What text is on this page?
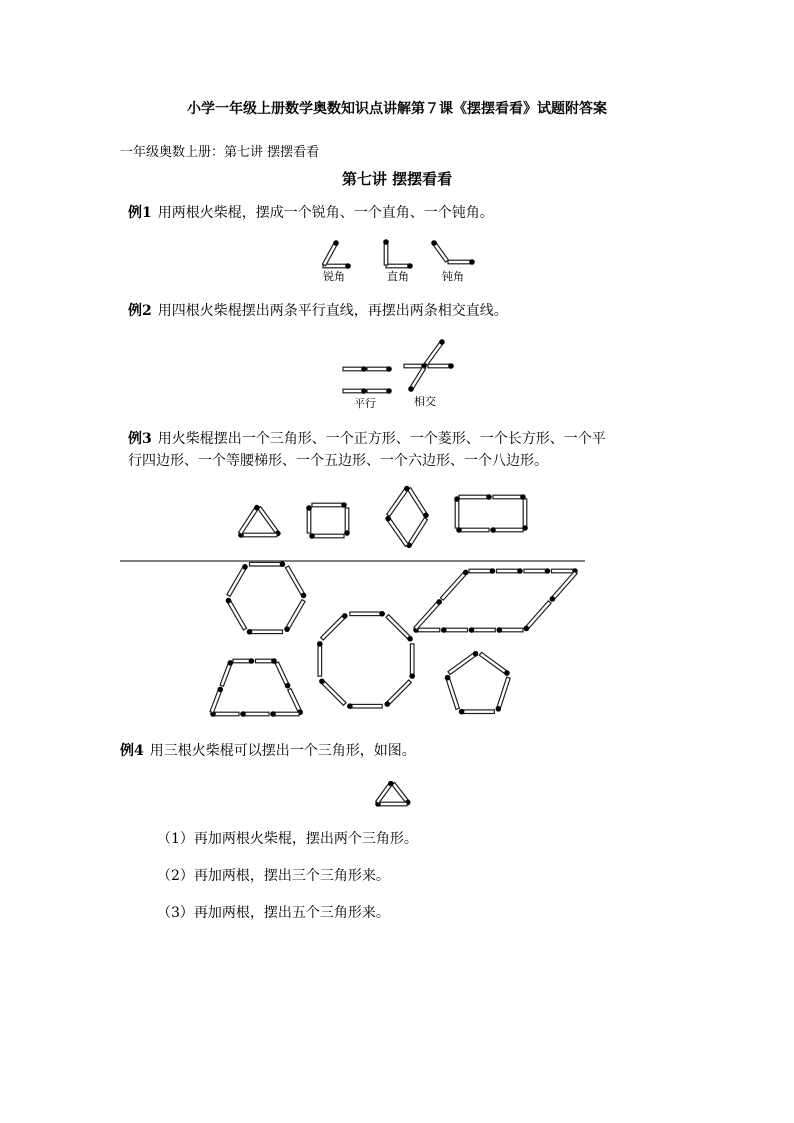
小学一年级上册数学奥数知识点讲解第７课《摆摆看看》试题附答案
一年级奥数上册：第七讲 摆摆看看
第七讲 摆摆看看
例1 用两根火柴棍，摆成一个锐角、一个直角、一个钝角。
锐角	直角	钝角
例2 用四根火柴棍摆出两条平行直线，再摆出两条相交直线。
平行	相交
例3 用火柴棍摆出一个三角形、一个正方形、一个菱形、一个长方形、一个平
行四边形、一个等腰梯形、一个五边形、一个六边形、一个八边形。
例4 用三根火柴棍可以摆出一个三角形，如图。
（1）再加两根火柴棍，摆出两个三角形。
（2）再加两根，摆出三个三角形来。
（3）再加两根，摆出五个三角形来。
